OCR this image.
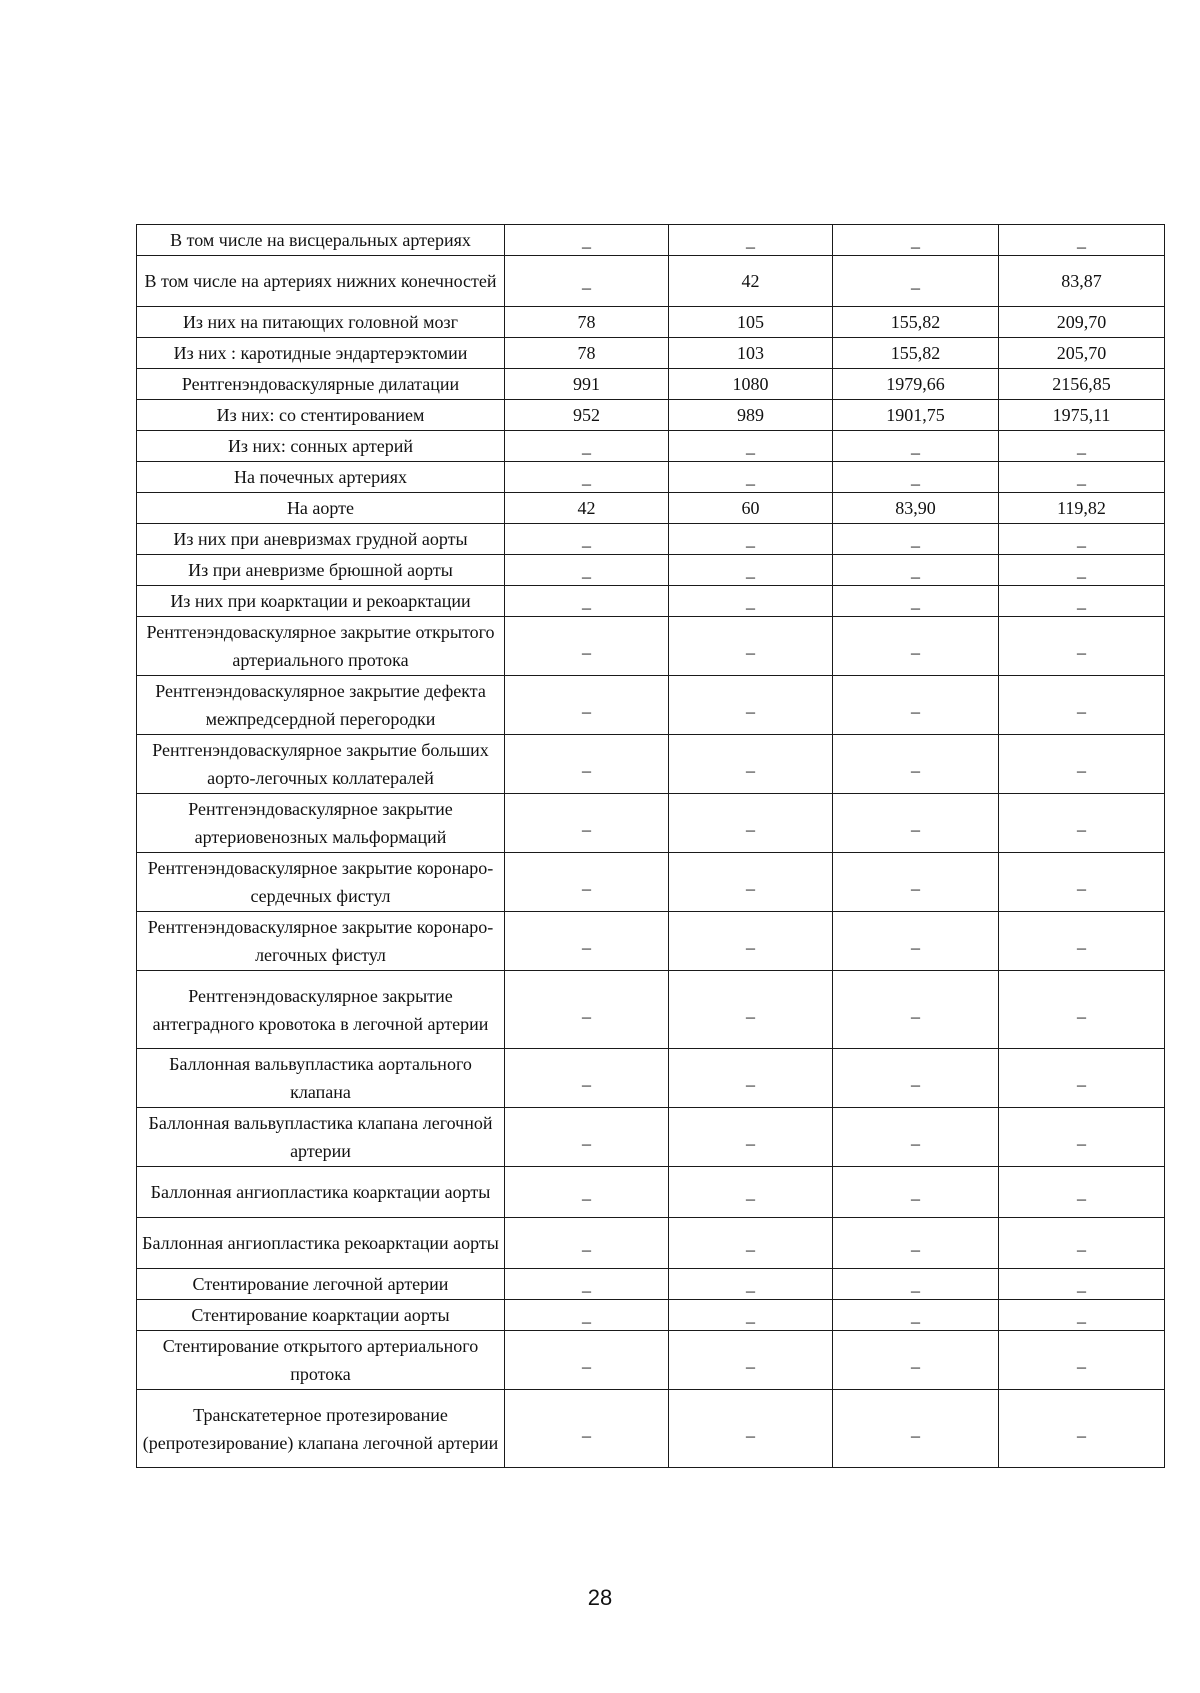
В том числе на висцеральных артериях	_	_	_	_
В том числе на артериях нижних конечностей	_	42	_	83,87
Из них на питающих головной мозг	78	105	155,82	209,70
Из них : каротидные эндартерэктомии	78	103	155,82	205,70
Рентгенэндоваскулярные дилатации	991	1080	1979,66	2156,85
Из них: со стентированием	952	989	1901,75	1975,11
Из них: сонных артерий	_	_	_	_
На почечных артериях	_	_	_	_
На аорте	42	60	83,90	119,82
Из них при аневризмах грудной аорты	_	_	_	_
Из при аневризме брюшной аорты	_	_	_	_
Из них при коарктации и рекоарктации	_	_	_	_
Рентгенэндоваскулярное закрытие открытого артериального протока	_	_	_	_
Рентгенэндоваскулярное закрытие дефекта межпредсердной перегородки	_	_	_	_
Рентгенэндоваскулярное закрытие больших аорто-легочных коллатералей	_	_	_	_
Рентгенэндоваскулярное закрытие артериовенозных мальформаций	_	_	_	_
Рентгенэндоваскулярное закрытие коронаро-сердечных фистул	_	_	_	_
Рентгенэндоваскулярное закрытие коронаро-легочных фистул	_	_	_	_
Рентгенэндоваскулярное закрытие антеградного кровотока в легочной артерии	_	_	_	_
Баллонная вальвупластика аортального клапана	_	_	_	_
Баллонная вальвупластика клапана легочной артерии	_	_	_	_
Баллонная ангиопластика коарктации аорты	_	_	_	_
Баллонная ангиопластика рекоарктации аорты	_	_	_	_
Стентирование легочной артерии	_	_	_	_
Стентирование коарктации аорты	_	_	_	_
Стентирование открытого артериального протока	_	_	_	_
Транскатетерное протезирование (репротезирование) клапана легочной артерии	_	_	_	_
28
